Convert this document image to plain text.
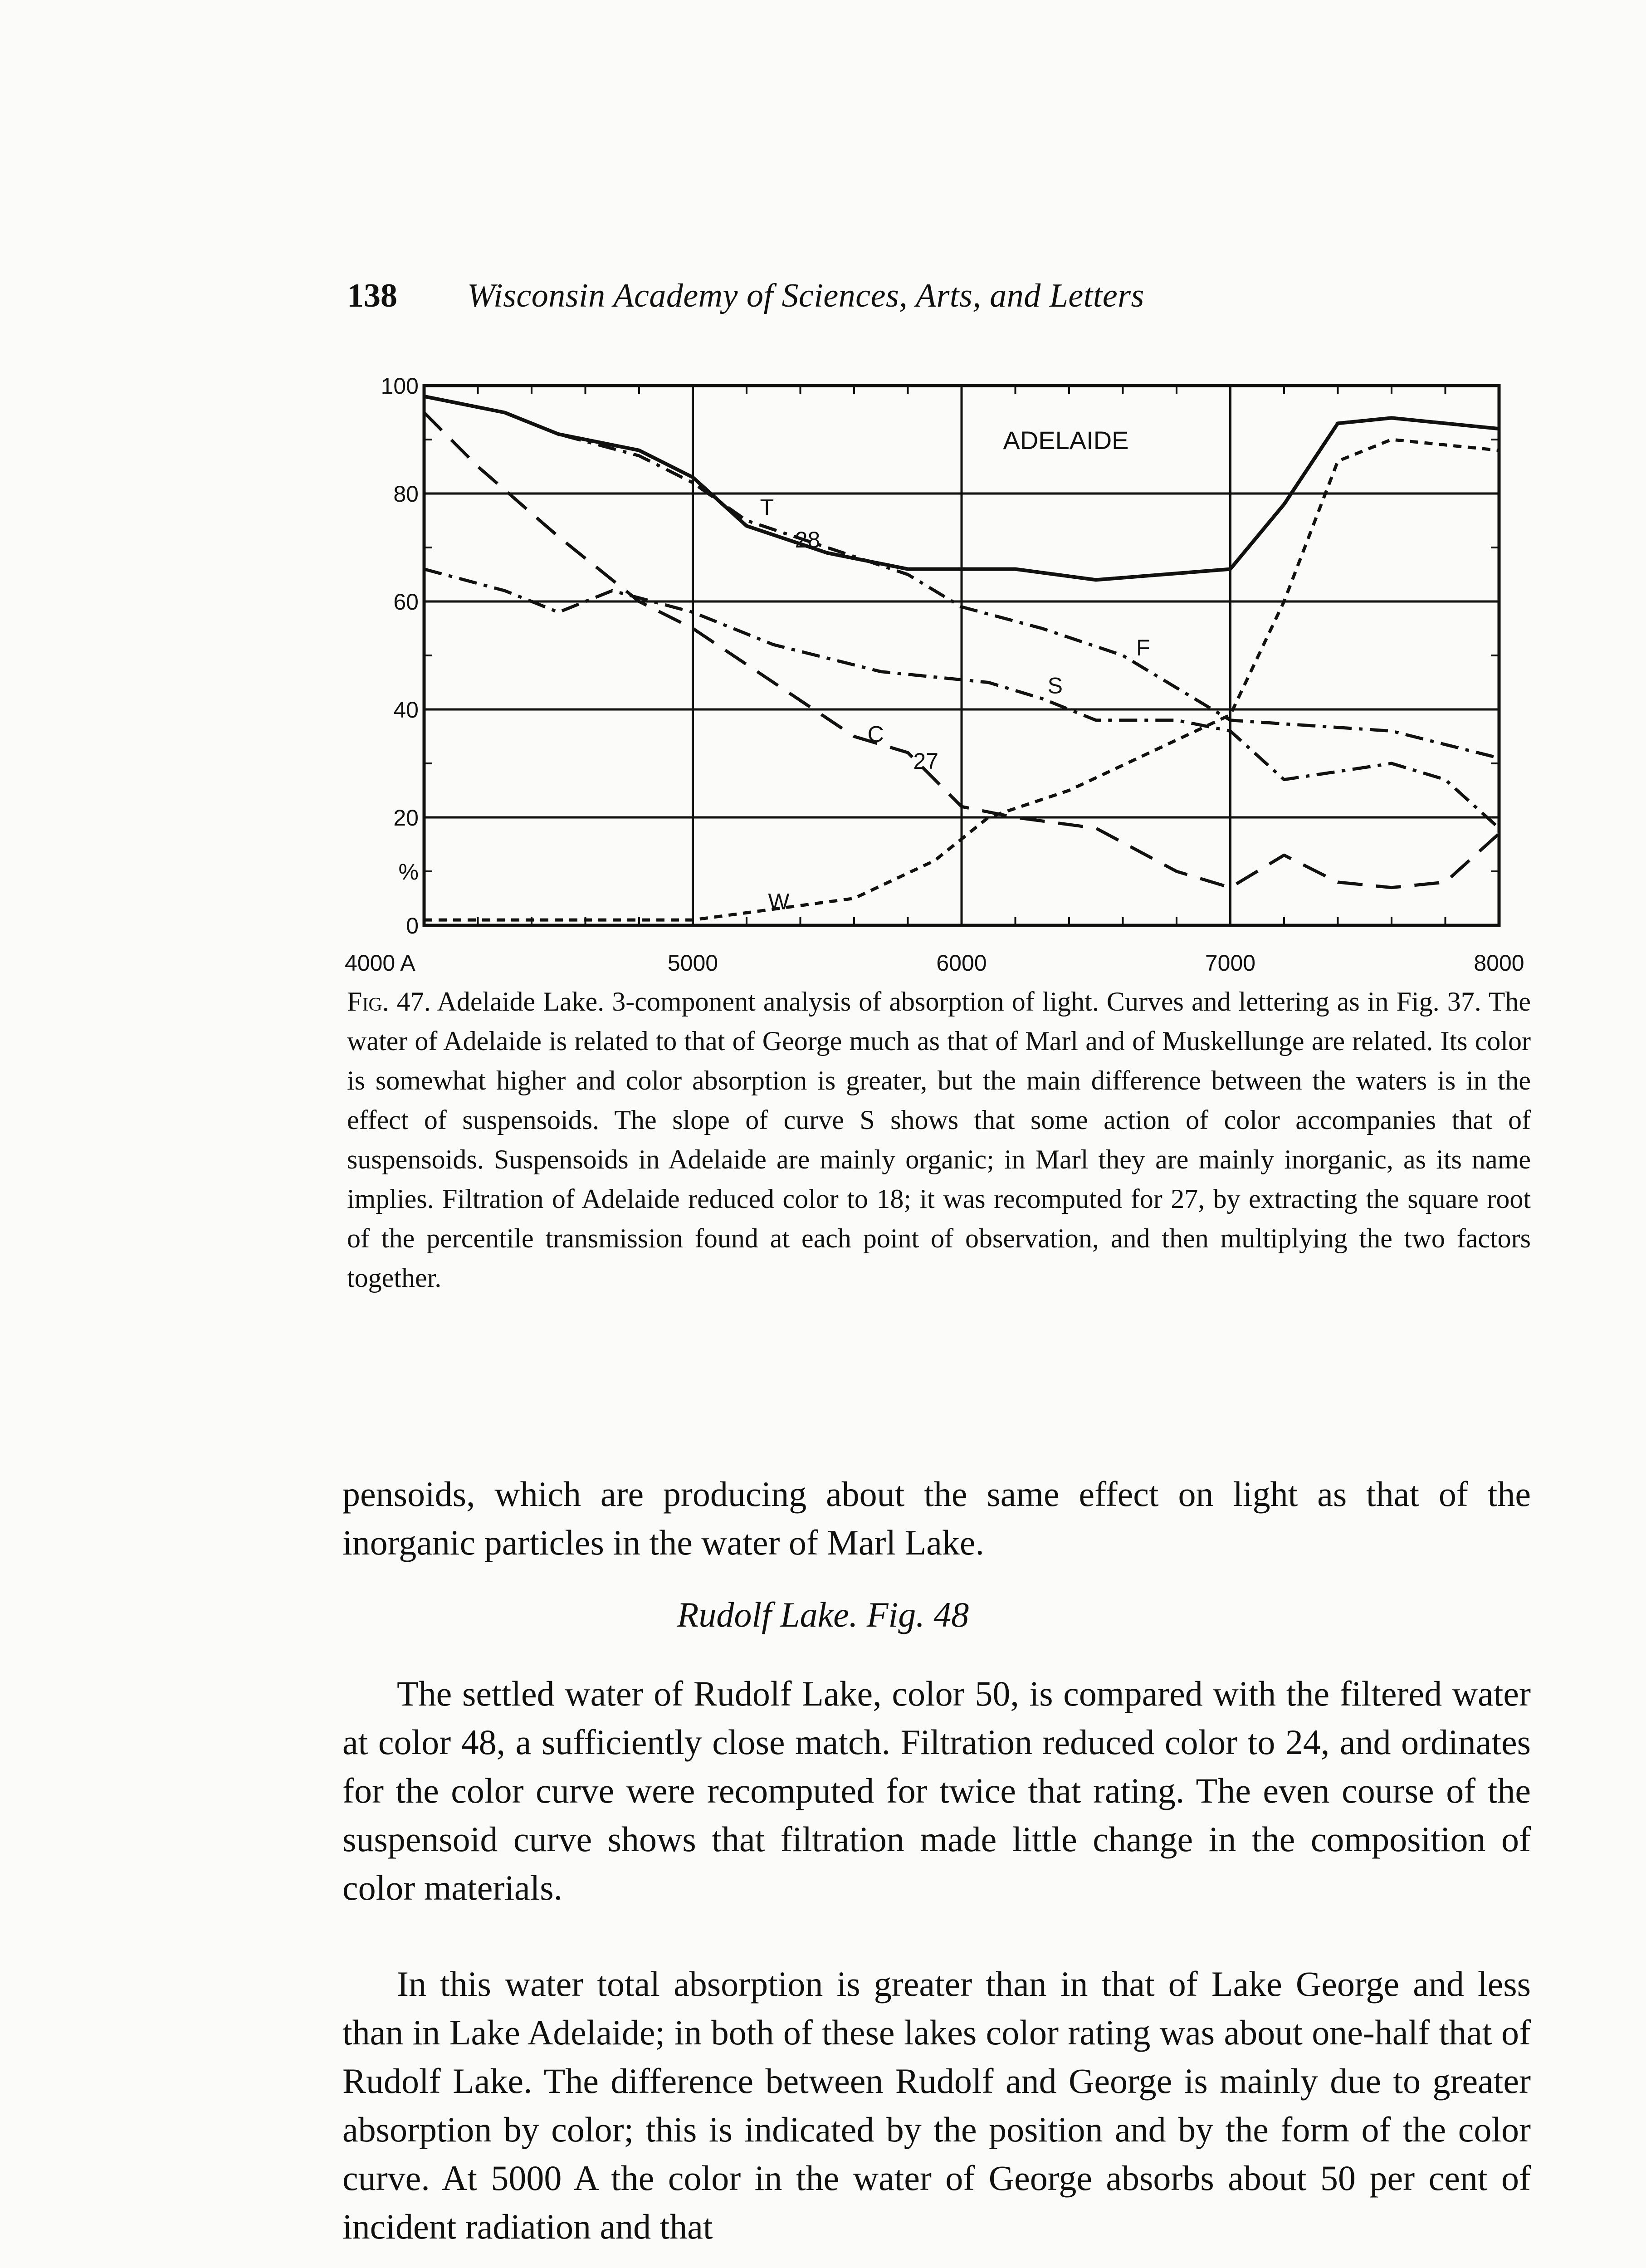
138 Wisconsin Academy of Sciences, Arts, and Letters
100
80
60
40
20
%
0
4000 A	5000	6000	7000	8000
T
28
F
S
C
27
W
ADELAIDE

Fig. 47. Adelaide Lake. 3-component analysis of absorption of light. Curves and lettering as in Fig. 37. The water of Adelaide is related to that of George much as that of Marl and of Muskellunge are related. Its color is somewhat higher and color absorption is greater, but the main difference between the waters is in the effect of suspensoids. The slope of curve S shows that some action of color accompanies that of suspensoids. Suspensoids in Adelaide are mainly organic; in Marl they are mainly inorganic, as its name implies. Filtration of Adelaide reduced color to 18; it was recomputed for 27, by extracting the square root of the percentile transmission found at each point of observation, and then multiplying the two factors together.

pensoids, which are producing about the same effect on light as that of the inorganic particles in the water of Marl Lake.

Rudolf Lake. Fig. 48

The settled water of Rudolf Lake, color 50, is compared with the filtered water at color 48, a sufficiently close match. Filtration reduced color to 24, and ordinates for the color curve were recomputed for twice that rating. The even course of the suspensoid curve shows that filtration made little change in the composition of color materials.

In this water total absorption is greater than in that of Lake George and less than in Lake Adelaide; in both of these lakes color rating was about one-half that of Rudolf Lake. The difference between Rudolf and George is mainly due to greater absorption by color; this is indicated by the position and by the form of the color curve. At 5000 A the color in the water of George absorbs about 50 per cent of incident radiation and that
